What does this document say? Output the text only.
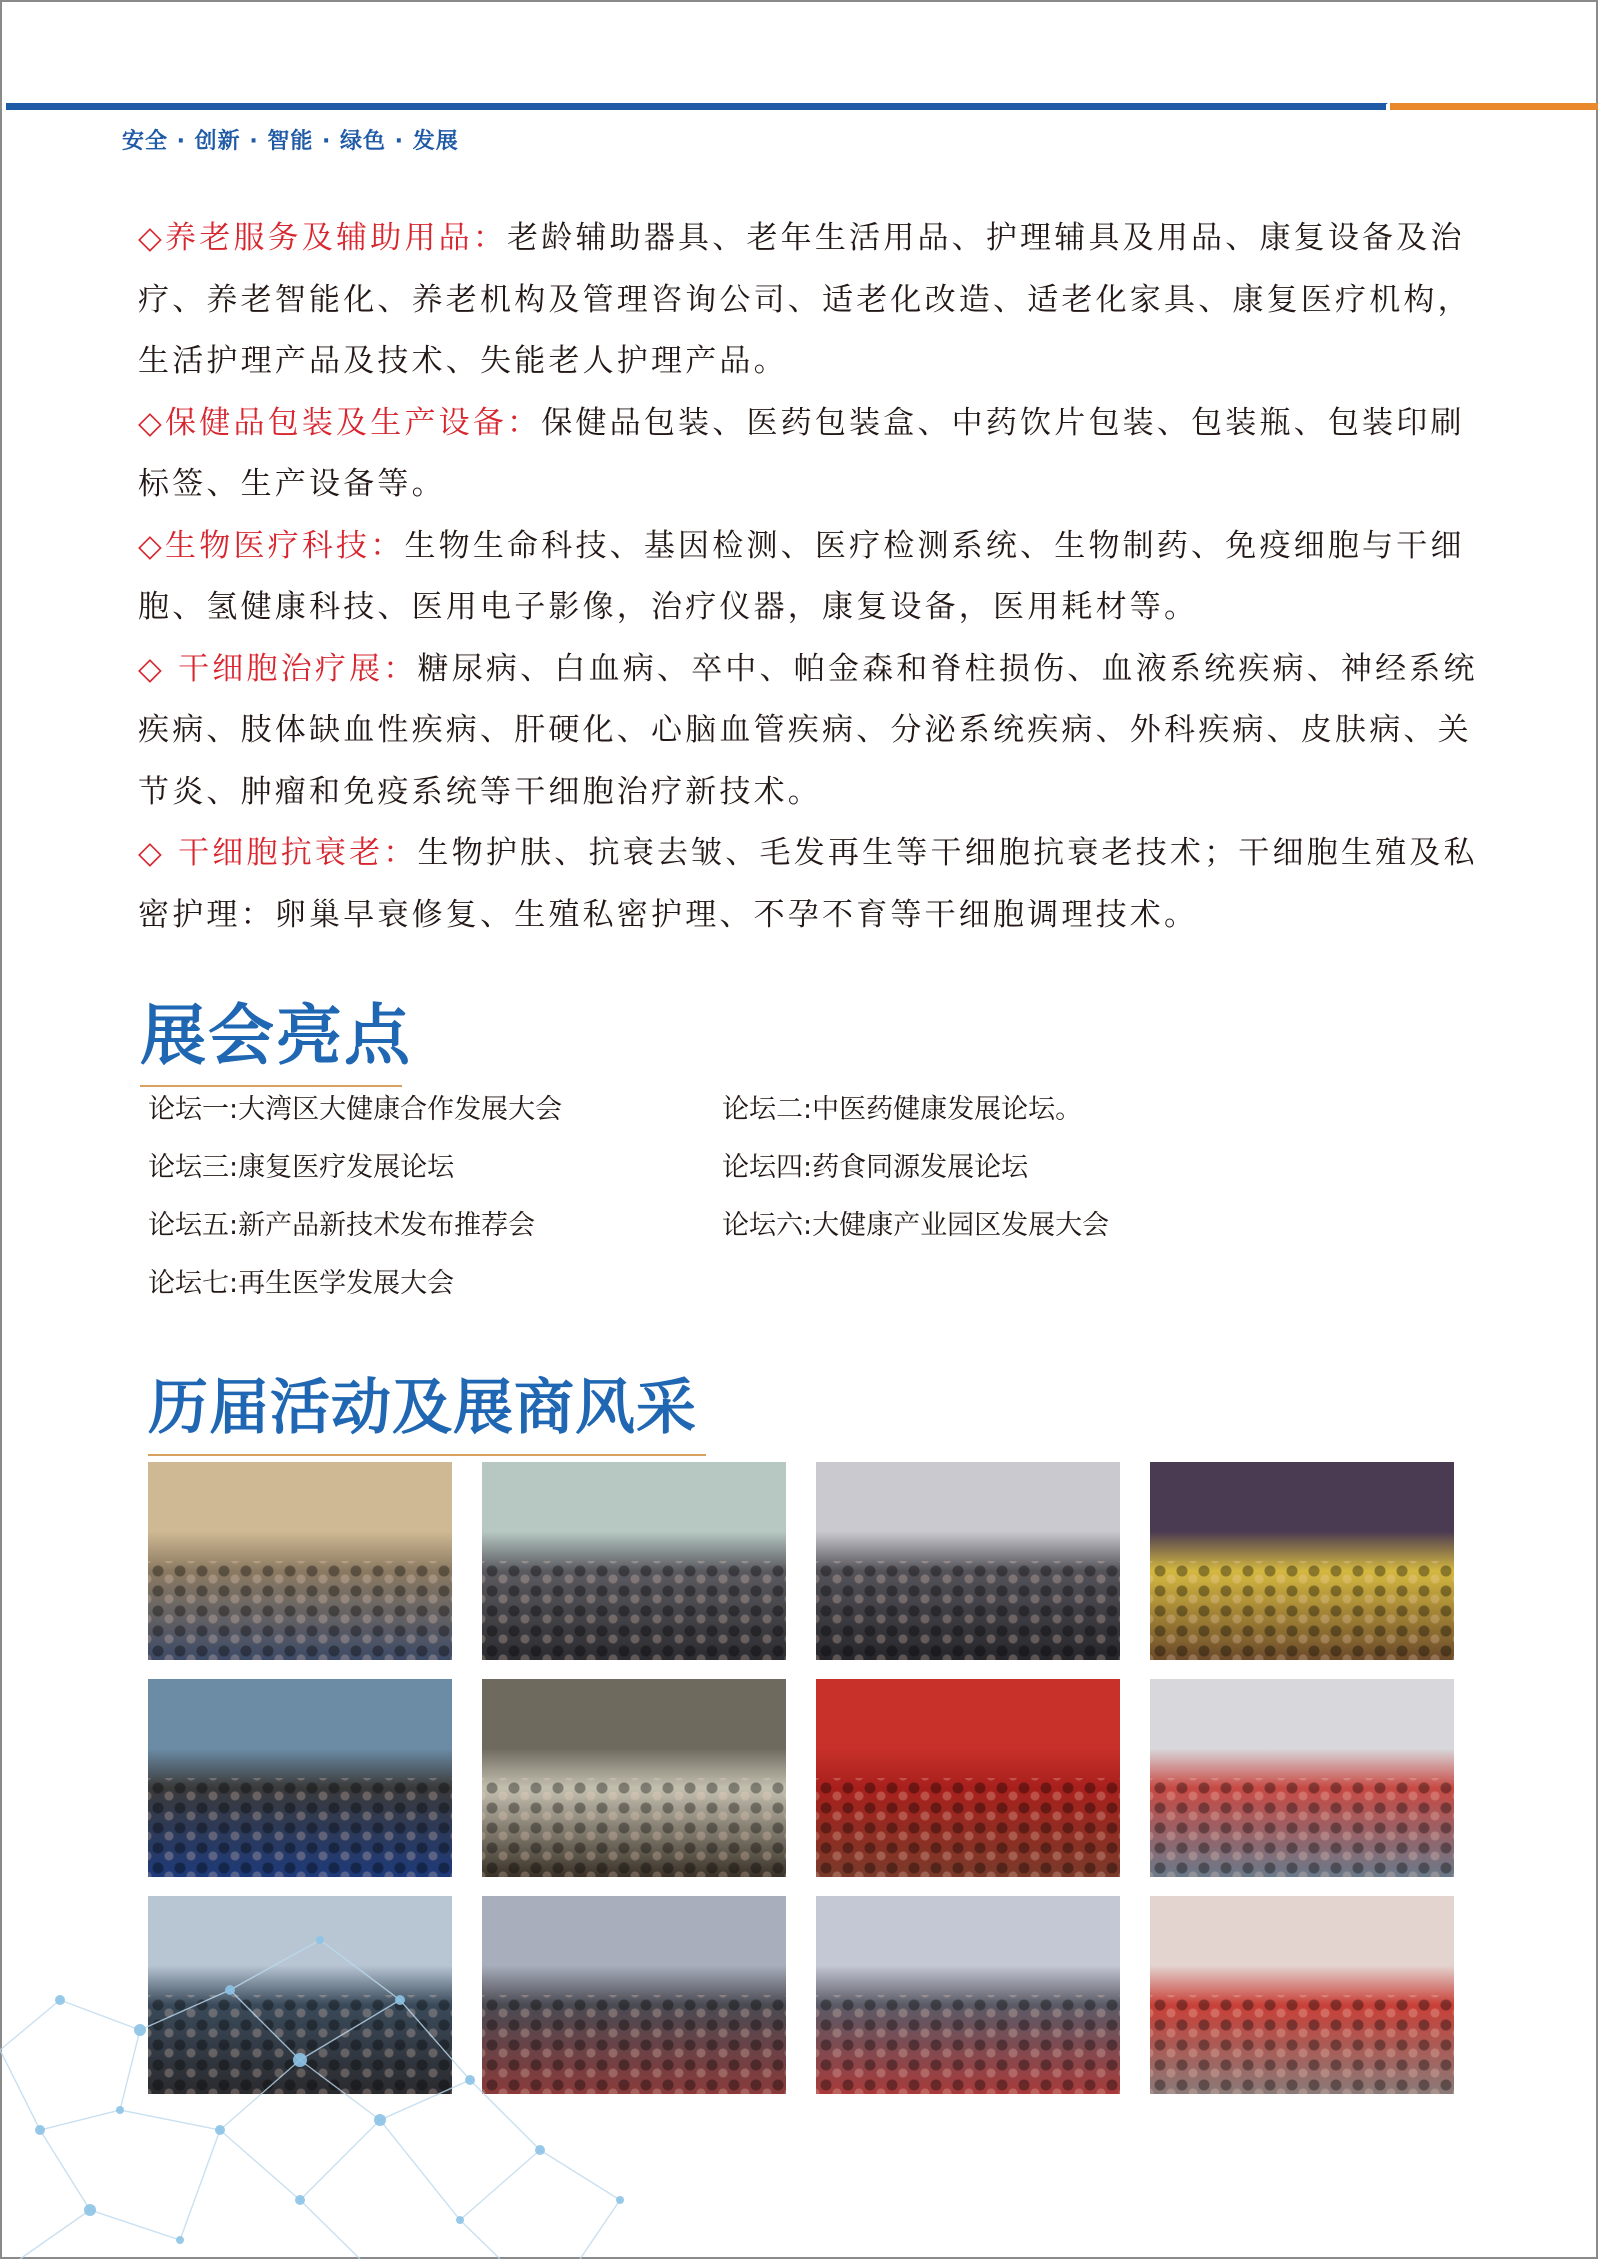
安全 · 创新 · 智能 · 绿色 · 发展

◇养老服务及辅助用品：老龄辅助器具、老年生活用品、护理辅具及用品、康复设备及治疗、养老智能化、养老机构及管理咨询公司、适老化改造、适老化家具、康复医疗机构，生活护理产品及技术、失能老人护理产品。

◇保健品包装及生产设备：保健品包装、医药包装盒、中药饮片包装、包装瓶、包装印刷标签、生产设备等。

◇生物医疗科技：生物生命科技、基因检测、医疗检测系统、生物制药、免疫细胞与干细胞、氢健康科技、医用电子影像，治疗仪器，康复设备，医用耗材等。

◇ 干细胞治疗展：糖尿病、白血病、卒中、帕金森和脊柱损伤、血液系统疾病、神经系统疾病、肢体缺血性疾病、肝硬化、心脑血管疾病、分泌系统疾病、外科疾病、皮肤病、关节炎、肿瘤和免疫系统等干细胞治疗新技术。

◇ 干细胞抗衰老：生物护肤、抗衰去皱、毛发再生等干细胞抗衰老技术；干细胞生殖及私密护理：卵巢早衰修复、生殖私密护理、不孕不育等干细胞调理技术。

展会亮点
论坛一:大湾区大健康合作发展大会	论坛二:中医药健康发展论坛。
论坛三:康复医疗发展论坛	论坛四:药食同源发展论坛
论坛五:新产品新技术发布推荐会	论坛六:大健康产业园区发展大会
论坛七:再生医学发展大会
历届活动及展商风采
